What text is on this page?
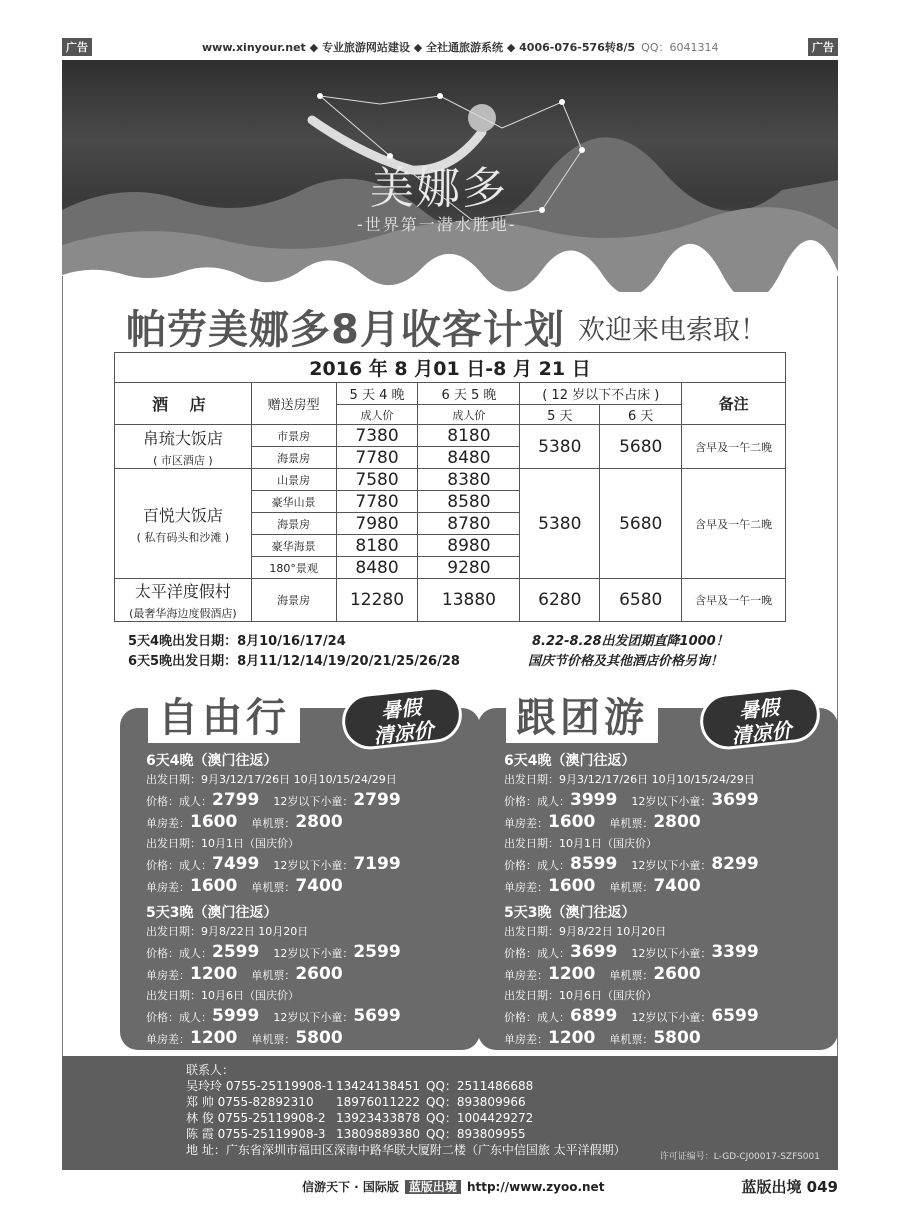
广告	www.xinyour.net ◆ 专业旅游网站建设 ◆ 全社通旅游系统 ◆ 4006-076-576转8/5 QQ：6041314	广告
美娜多
-世界第一潜水胜地-
帕劳美娜多8月收客计划 欢迎来电索取！
2016 年 8 月01 日-8 月 21 日						
酒 店	赠送房型	5 天 4 晚	6 天 5 晚	( 12 岁以下不占床 )		备注
		成人价	成人价	5 天	6 天	

帛琉大饭店
( 市区酒店 )	市景房	7380	8180	5380	5680	含早及一午二晚
	海景房	7780	8480			

百悦大饭店
( 私有码头和沙滩 )	山景房	7580	8380	5380	5680	含早及一午二晚
	豪华山景	7780	8580			
	海景房	7980	8780			
	豪华海景	8180	8980			
	180°景观	8480	9280			

太平洋度假村
(最奢华海边度假酒店)	海景房	12280	13880	6280	6580	含早及一午一晚
5天4晚出发日期：8月10/16/17/24
6天5晚出发日期：8月11/12/14/19/20/21/25/26/28
8.22-8.28出发团期直降1000！
国庆节价格及其他酒店价格另询！
自由行	暑假
清凉价
6天4晚（澳门往返）
出发日期：9月3/12/17/26日 10月10/15/24/29日
价格：成人：2799 12岁以下小童：2799
单房差：1600 单机票：2800
出发日期：10月1日（国庆价）
价格：成人：7499 12岁以下小童：7199
单房差：1600 单机票：7400
5天3晚（澳门往返）
出发日期：9月8/22日 10月20日
价格：成人：2599 12岁以下小童：2599
单房差：1200 单机票：2600
出发日期：10月6日（国庆价）
价格：成人：5999 12岁以下小童：5699
单房差：1200 单机票：5800
跟团游	暑假
清凉价
6天4晚（澳门往返）
出发日期：9月3/12/17/26日 10月10/15/24/29日
价格：成人：3999 12岁以下小童：3699
单房差：1600 单机票：2800
出发日期：10月1日（国庆价）
价格：成人：8599 12岁以下小童：8299
单房差：1600 单机票：7400
5天3晚（澳门往返）
出发日期：9月8/22日 10月20日
价格：成人：3699 12岁以下小童：3399
单房差：1200 单机票：2600
出发日期：10月6日（国庆价）
价格：成人：6899 12岁以下小童：6599
单房差：1200 单机票：5800
联系人：
吴玲玲 0755-25119908-1 13424138451 QQ：2511486688
郑 帅 0755-82892310 18976011222 QQ：893809966
林 俊 0755-25119908-2 13923433878 QQ：1004429272
陈 霞 0755-25119908-3 13809889380 QQ：893809955
地 址：广东省深圳市福田区深南中路华联大厦附二楼（广东中信国旅 太平洋假期）	许可证编号：L-GD-CJ00017-SZFS001
信游天下 · 国际版 蓝版出境 http://www.zyoo.net	蓝版出境 049
